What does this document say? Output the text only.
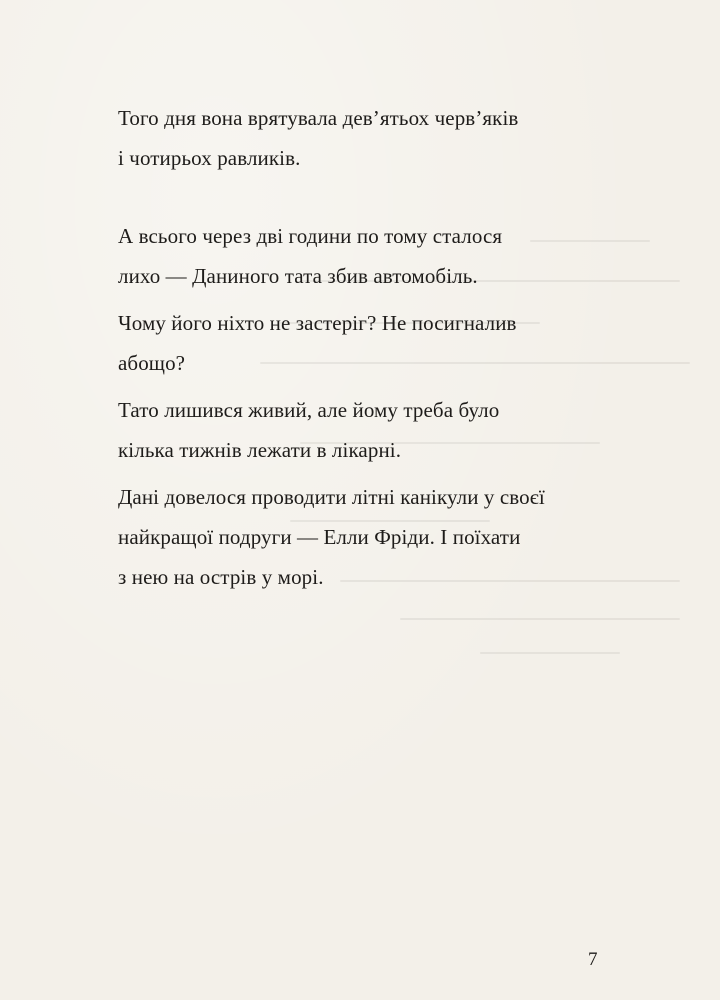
Того дня вона врятувала дев’ятьох черв’яків
і чотирьох равликів.

А всього через дві години по тому сталося
лихо — Даниного тата збив автомобіль.

Чому його ніхто не застеріг? Не посигналив
абощо?

Тато лишився живий, але йому треба було
кілька тижнів лежати в лікарні.

Дані довелося проводити літні канікули у своєї
найкращої подруги — Елли Фріди. І поїхати
з нею на острів у морі.

7
